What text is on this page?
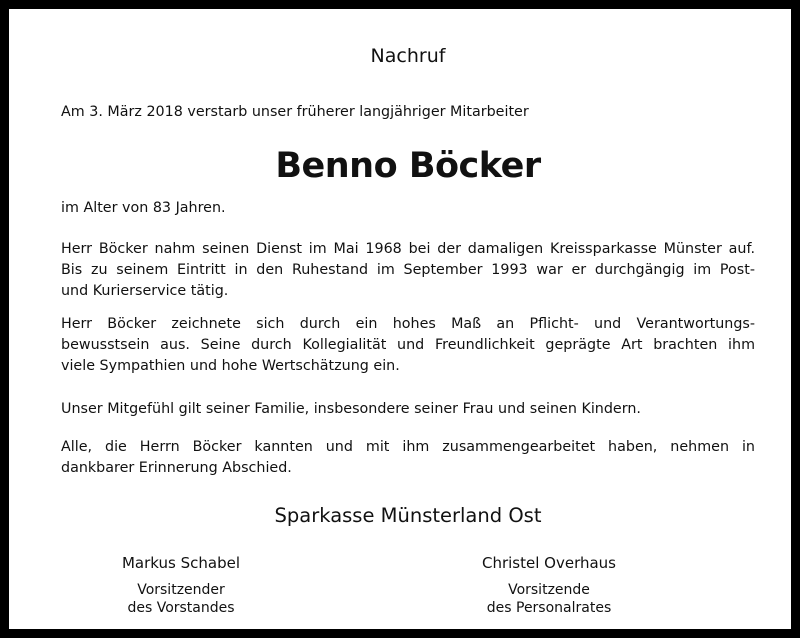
Nachruf
Am 3. März 2018 verstarb unser früherer langjähriger Mitarbeiter
Benno Böcker
im Alter von 83 Jahren.
Herr Böcker nahm seinen Dienst im Mai 1968 bei der damaligen Kreissparkasse Münster auf.
Bis zu seinem Eintritt in den Ruhestand im September 1993 war er durchgängig im Post-
und Kurierservice tätig.
Herr Böcker zeichnete sich durch ein hohes Maß an Pflicht- und Verantwortungs-
bewusstsein aus. Seine durch Kollegialität und Freundlichkeit geprägte Art brachten ihm
viele Sympathien und hohe Wertschätzung ein.
Unser Mitgefühl gilt seiner Familie, insbesondere seiner Frau und seinen Kindern.
Alle, die Herrn Böcker kannten und mit ihm zusammengearbeitet haben, nehmen in
dankbarer Erinnerung Abschied.
Sparkasse Münsterland Ost
Markus Schabel
Vorsitzender
des Vorstandes
Christel Overhaus
Vorsitzende
des Personalrates
